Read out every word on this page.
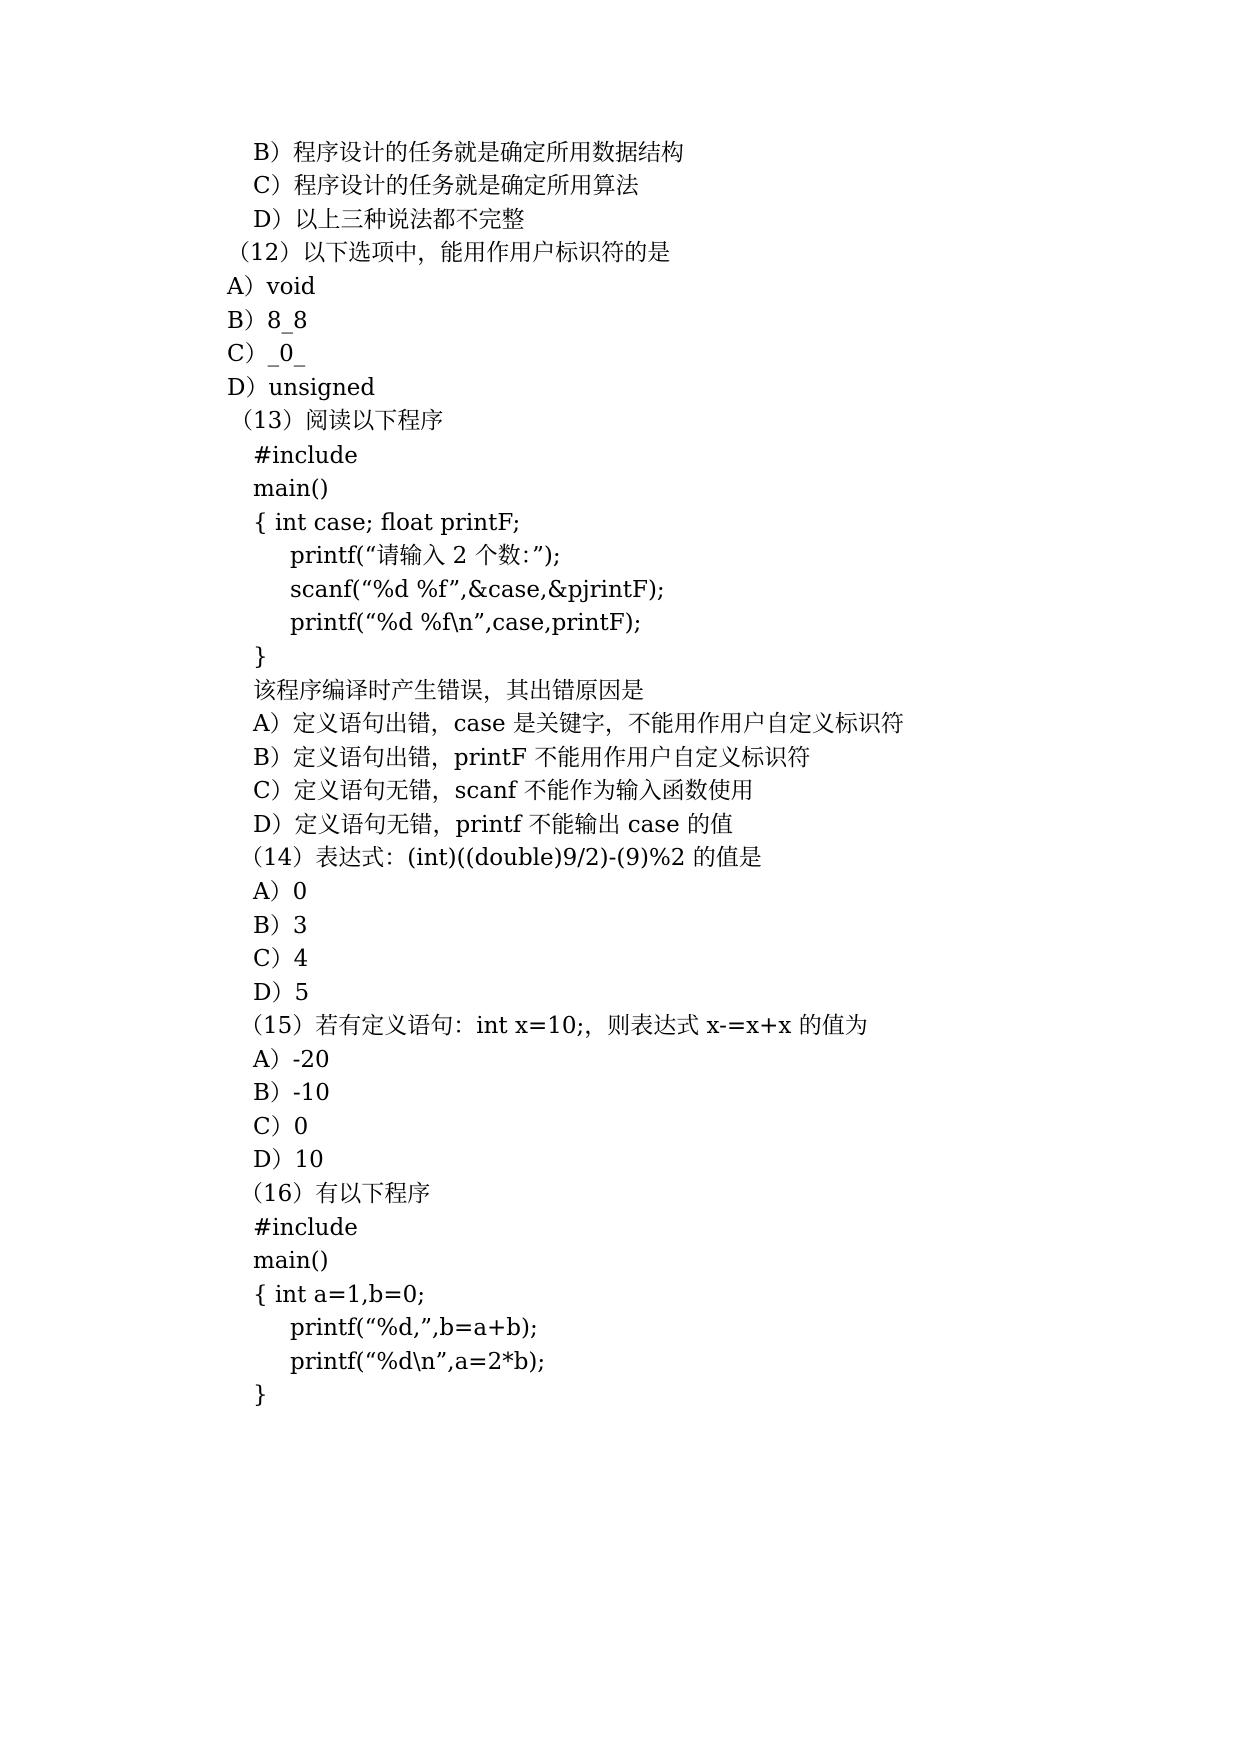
B）程序设计的任务就是确定所用数据结构
C）程序设计的任务就是确定所用算法
D）以上三种说法都不完整
（12）以下选项中，能用作用户标识符的是
A）void
B）8_8
C）_0_
D）unsigned
（13）阅读以下程序
#include
main()
{ int case; float printF;
printf(“请输入 2 个数：”);
scanf(“%d %f”,&case,&pjrintF);
printf(“%d %f\n”,case,printF);
}
该程序编译时产生错误，其出错原因是
A）定义语句出错，case 是关键字，不能用作用户自定义标识符
B）定义语句出错，printF 不能用作用户自定义标识符
C）定义语句无错，scanf 不能作为输入函数使用
D）定义语句无错，printf 不能输出 case 的值
（14）表达式：(int)((double)9/2)-(9)%2 的值是
A）0
B）3
C）4
D）5
（15）若有定义语句：int x=10;，则表达式 x-=x+x 的值为
A）-20
B）-10
C）0
D）10
（16）有以下程序
#include
main()
{ int a=1,b=0;
printf(“%d,”,b=a+b);
printf(“%d\n”,a=2*b);
}
